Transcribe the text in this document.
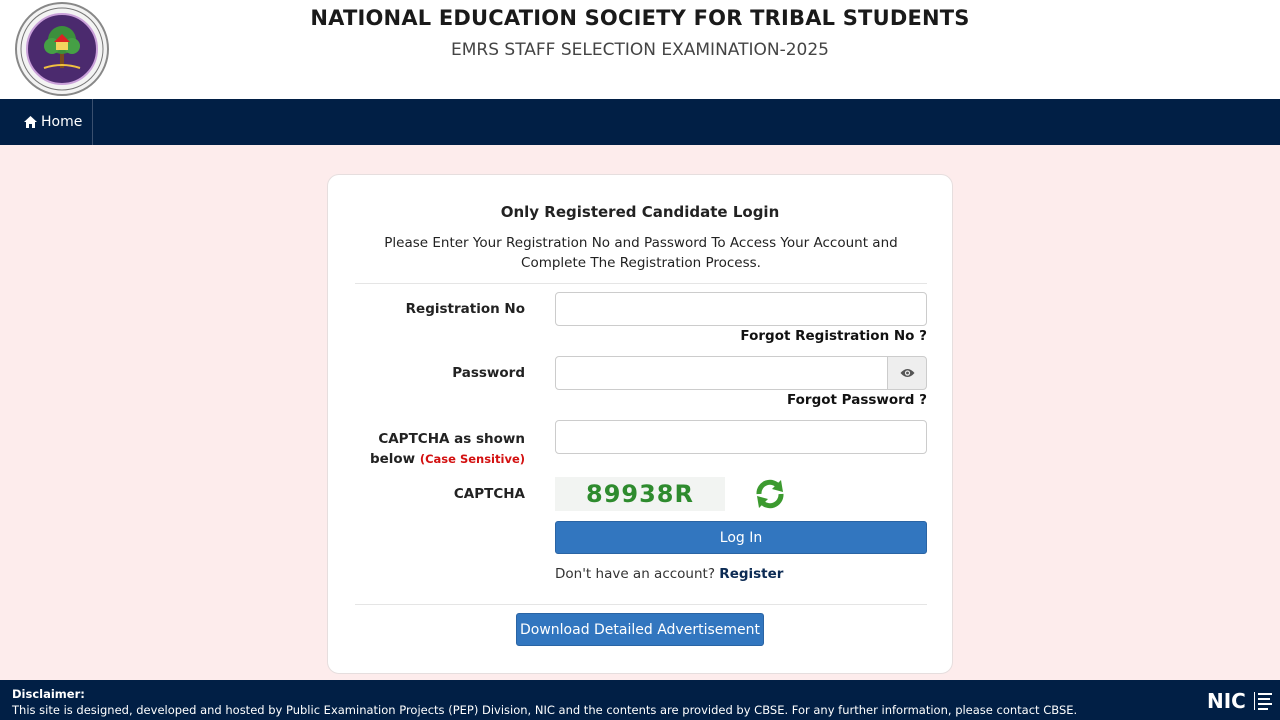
NATIONAL EDUCATION SOCIETY FOR TRIBAL STUDENTS
EMRS STAFF SELECTION EXAMINATION-2025
Home
Only Registered Candidate Login
Please Enter Your Registration No and Password To Access Your Account and Complete The Registration Process.
Registration No
Forgot Registration No ?
Password
Forgot Password ?
CAPTCHA as shown below (Case Sensitive)
CAPTCHA	89938R
Log In
Don't have an account? Register
Download Detailed Advertisement
Disclaimer:
This site is designed, developed and hosted by Public Examination Projects (PEP) Division, NIC and the contents are provided by CBSE. For any further information, please contact CBSE.	NIC
